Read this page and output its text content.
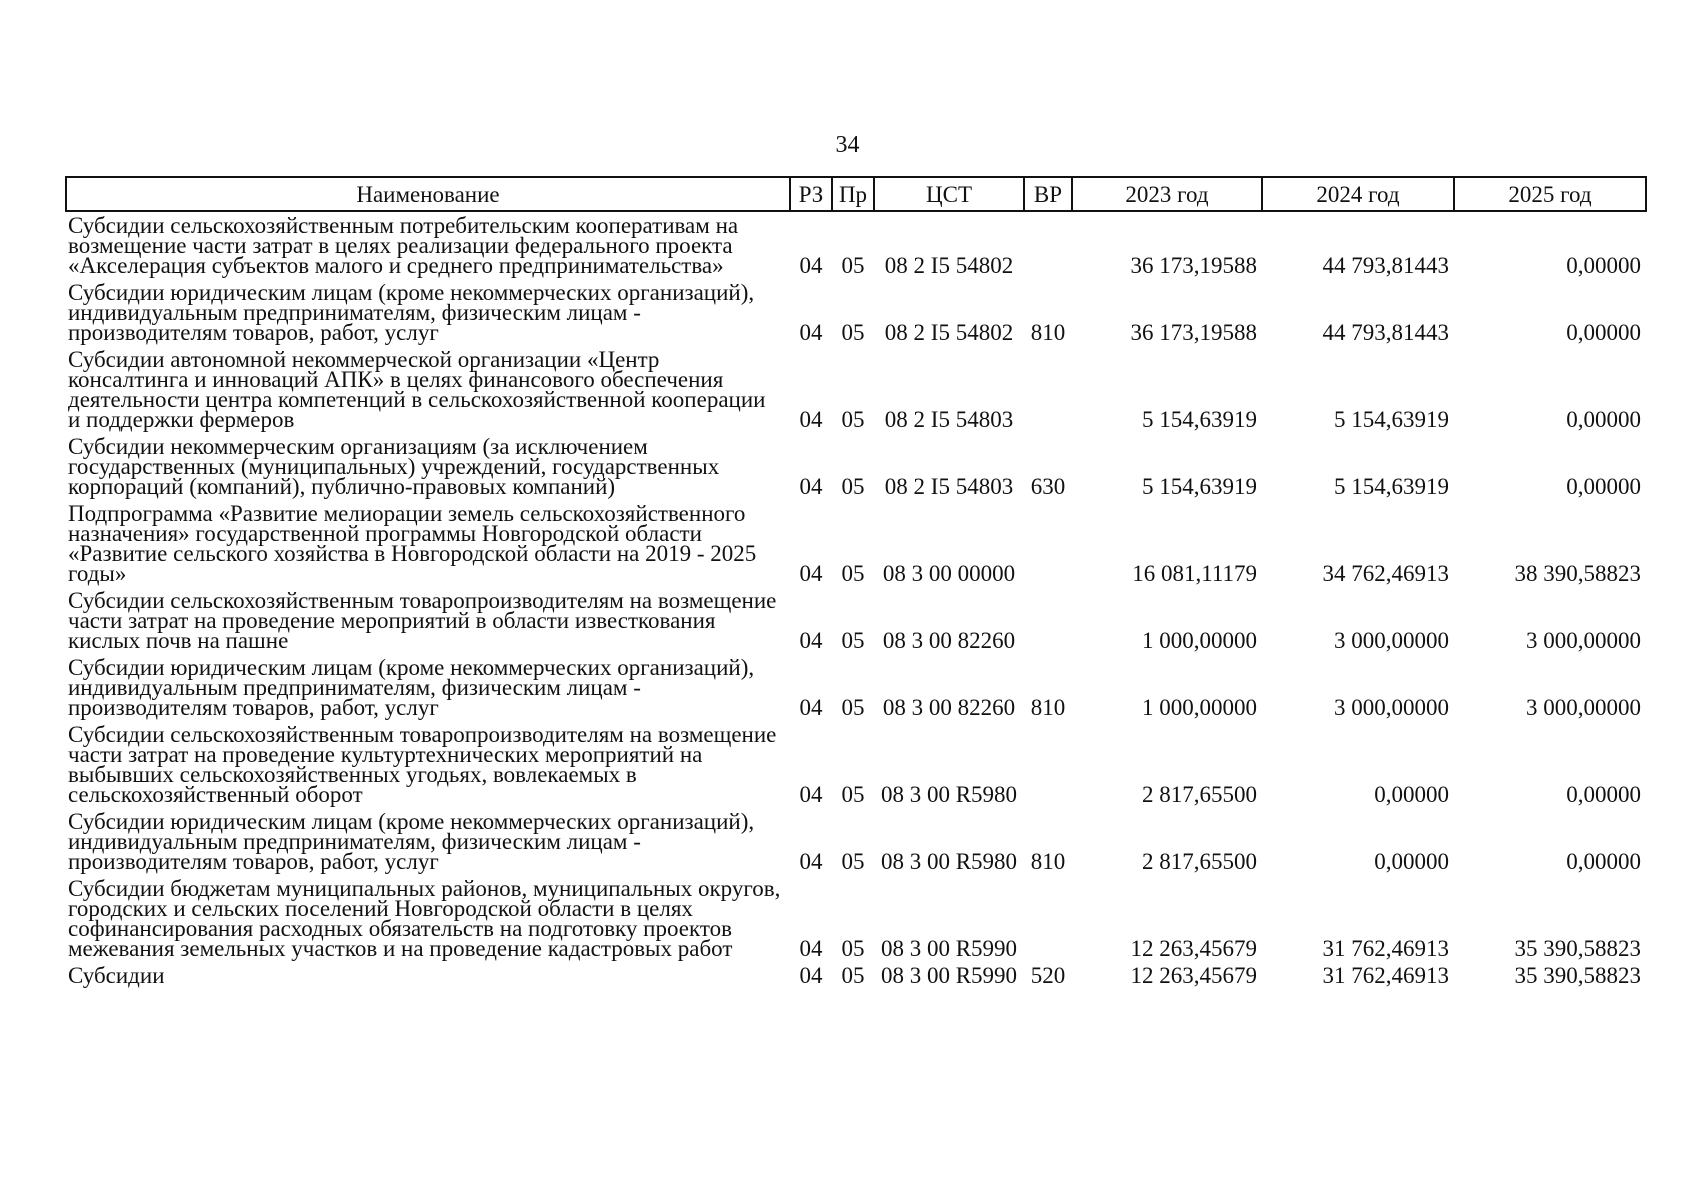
34
Наименование	РЗ	Пр	ЦСТ	ВР	2023 год	2024 год	2025 год
Субсидии сельскохозяйственным потребительским кооперативам на возмещение части затрат в целях реализации федерального проекта «Акселерация субъектов малого и среднего предпринимательства»	04	05	08 2 I5 54802		36 173,19588	44 793,81443	0,00000
Субсидии юридическим лицам (кроме некоммерческих организаций), индивидуальным предпринимателям, физическим лицам - производителям товаров, работ, услуг	04	05	08 2 I5 54802	810	36 173,19588	44 793,81443	0,00000
Субсидии автономной некоммерческой организации «Центр консалтинга и инноваций АПК» в целях финансового обеспечения деятельности центра компетенций в сельскохозяйственной кооперации и поддержки фермеров	04	05	08 2 I5 54803		5 154,63919	5 154,63919	0,00000
Субсидии некоммерческим организациям (за исключением государственных (муниципальных) учреждений, государственных корпораций (компаний), публично-правовых компаний)	04	05	08 2 I5 54803	630	5 154,63919	5 154,63919	0,00000
Подпрограмма «Развитие мелиорации земель сельскохозяйственного назначения» государственной программы Новгородской области «Развитие сельского хозяйства в Новгородской области на 2019 - 2025 годы»	04	05	08 3 00 00000		16 081,11179	34 762,46913	38 390,58823
Субсидии сельскохозяйственным товаропроизводителям на возмещение части затрат на проведение мероприятий в области известкования кислых почв на пашне	04	05	08 3 00 82260		1 000,00000	3 000,00000	3 000,00000
Субсидии юридическим лицам (кроме некоммерческих организаций), индивидуальным предпринимателям, физическим лицам - производителям товаров, работ, услуг	04	05	08 3 00 82260	810	1 000,00000	3 000,00000	3 000,00000
Субсидии сельскохозяйственным товаропроизводителям на возмещение части затрат на проведение культуртехнических мероприятий на выбывших сельскохозяйственных угодьях, вовлекаемых в сельскохозяйственный оборот	04	05	08 3 00 R5980		2 817,65500	0,00000	0,00000
Субсидии юридическим лицам (кроме некоммерческих организаций), индивидуальным предпринимателям, физическим лицам - производителям товаров, работ, услуг	04	05	08 3 00 R5980	810	2 817,65500	0,00000	0,00000
Субсидии бюджетам муниципальных районов, муниципальных округов, городских и сельских поселений Новгородской области в целях софинансирования расходных обязательств на подготовку проектов межевания земельных участков и на проведение кадастровых работ	04	05	08 3 00 R5990		12 263,45679	31 762,46913	35 390,58823
Субсидии	04	05	08 3 00 R5990	520	12 263,45679	31 762,46913	35 390,58823
